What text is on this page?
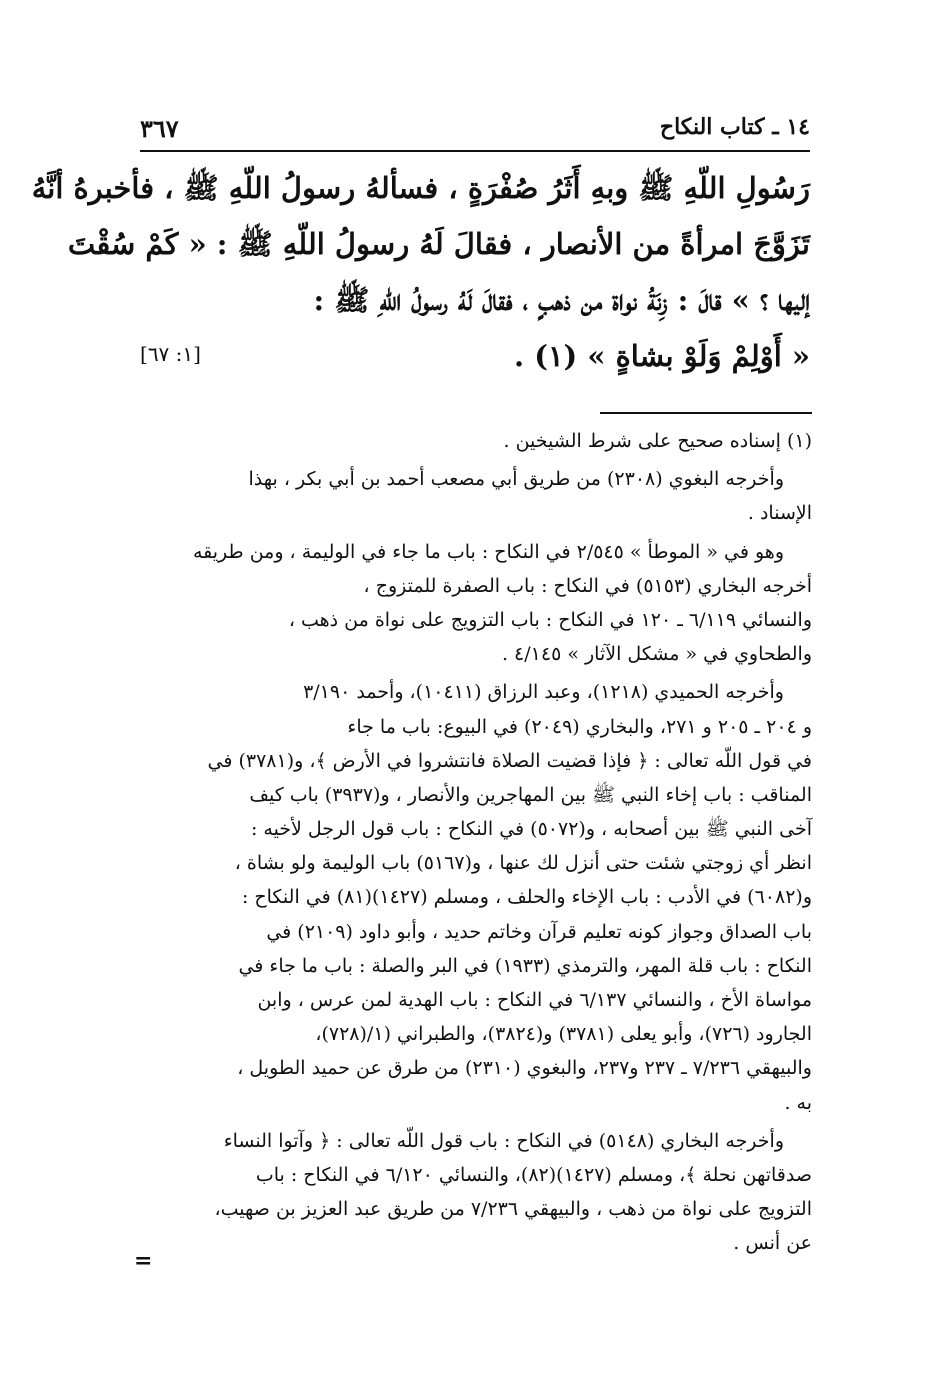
١٤ ـ كتاب النكاح
٣٦٧
رَسُولِ اللّهِ ﷺ وبهِ أَثَرُ صُفْرَةٍ ، فسألهُ رسولُ اللّهِ ﷺ ، فأخبرهُ أنَّهُ
تَزَوَّجَ امرأةً من الأنصار ، فقالَ لَهُ رسولُ اللّهِ ﷺ : « كَمْ سُقْتَ
إليها ؟ » قالَ : زِنَةُ نواة من ذهبٍ ، فقالَ لَهُ رسولُ اللّهِ ﷺ :
« أَوْلِمْ وَلَوْ بشاةٍ » (١) .
[١: ٦٧]
(١) إسناده صحيح على شرط الشيخين .
وأخرجه البغوي (٢٣٠٨) من طريق أبي مصعب أحمد بن أبي بكر ، بهذا
الإسناد .
وهو في « الموطأ » ٢/٥٤٥ في النكاح : باب ما جاء في الوليمة ، ومن طريقه
أخرجه البخاري (٥١٥٣) في النكاح : باب الصفرة للمتزوج ،
والنسائي ٦/١١٩ ـ ١٢٠ في النكاح : باب التزويج على نواة من ذهب ،
والطحاوي في « مشكل الآثار » ٤/١٤٥ .
وأخرجه الحميدي (١٢١٨)، وعبد الرزاق (١٠٤١١)، وأحمد ٣/١٩٠
و ٢٠٤ ـ ٢٠٥ و ٢٧١، والبخاري (٢٠٤٩) في البيوع: باب ما جاء
في قول اللّه تعالى : ﴿ فإذا قضيت الصلاة فانتشروا في الأرض ﴾، و(٣٧٨١) في
المناقب : باب إخاء النبي ﷺ بين المهاجرين والأنصار ، و(٣٩٣٧) باب كيف
آخى النبي ﷺ بين أصحابه ، و(٥٠٧٢) في النكاح : باب قول الرجل لأخيه :
انظر أي زوجتي شئت حتى أنزل لك عنها ، و(٥١٦٧) باب الوليمة ولو بشاة ،
و(٦٠٨٢) في الأدب : باب الإخاء والحلف ، ومسلم (١٤٢٧)(٨١) في النكاح :
باب الصداق وجواز كونه تعليم قرآن وخاتم حديد ، وأبو داود (٢١٠٩) في
النكاح : باب قلة المهر، والترمذي (١٩٣٣) في البر والصلة : باب ما جاء في
مواساة الأخ ، والنسائي ٦/١٣٧ في النكاح : باب الهدية لمن عرس ، وابن
الجارود (٧٢٦)، وأبو يعلى (٣٧٨١) و(٣٨٢٤)، والطبراني (١/(٧٢٨)،
والبيهقي ٧/٢٣٦ ـ ٢٣٧ و٢٣٧، والبغوي (٢٣١٠) من طرق عن حميد الطويل ،
به .
وأخرجه البخاري (٥١٤٨) في النكاح : باب قول اللّه تعالى : ﴿ وآتوا النساء
صدقاتهن نحلة ﴾، ومسلم (١٤٢٧)(٨٢)، والنسائي ٦/١٢٠ في النكاح : باب
التزويج على نواة من ذهب ، والبيهقي ٧/٢٣٦ من طريق عبد العزيز بن صهيب،
عن أنس .
=
